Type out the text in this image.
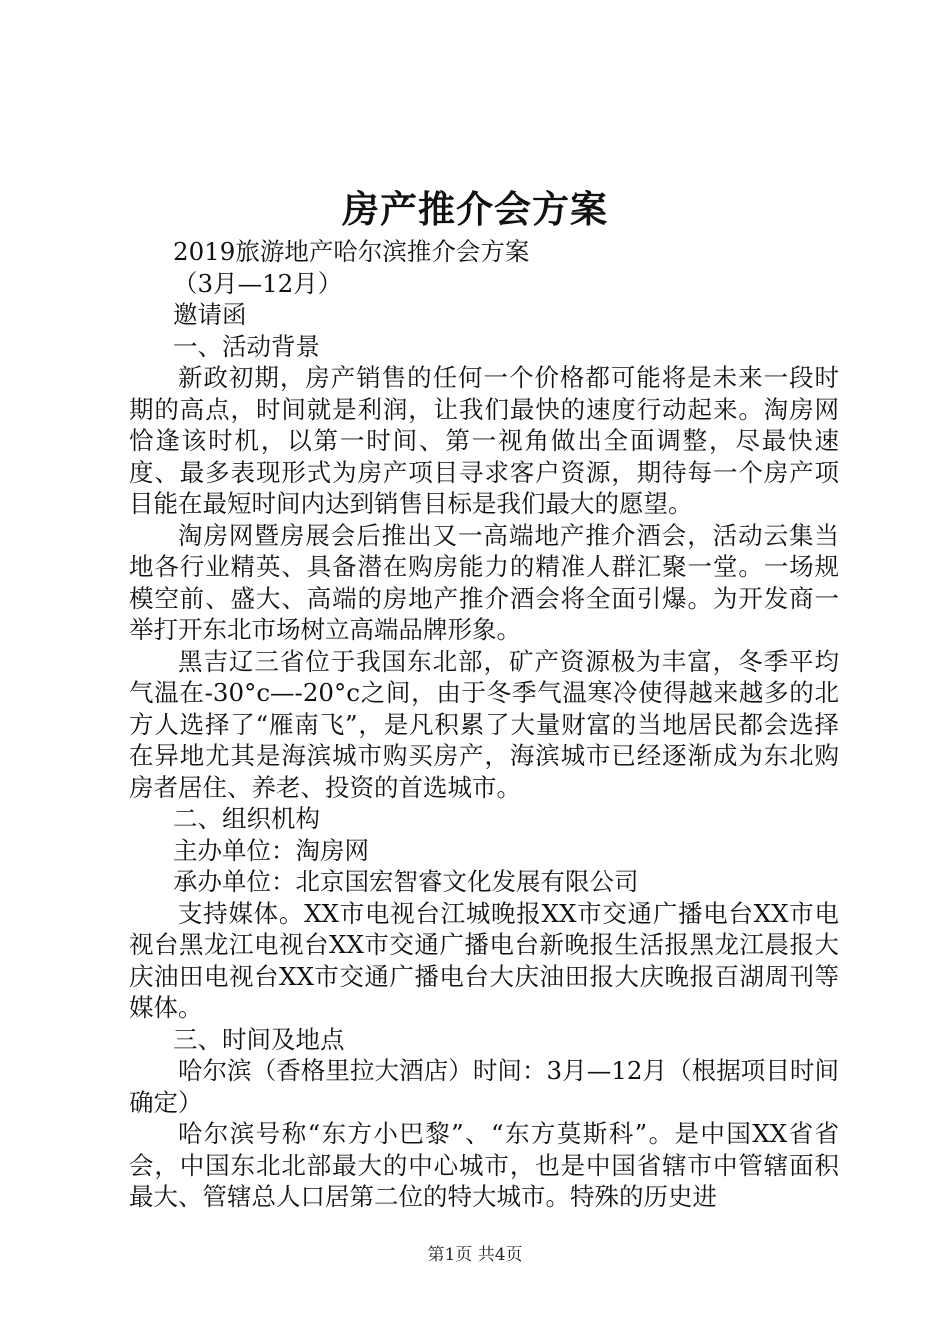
房产推介会方案

2019旅游地产哈尔滨推介会方案

（3月—12月）

邀请函

一、活动背景

新政初期，房产销售的任何一个价格都可能将是未来一段时期的高点，时间就是利润，让我们最快的速度行动起来。淘房网恰逢该时机，以第一时间、第一视角做出全面调整，尽最快速度、最多表现形式为房产项目寻求客户资源，期待每一个房产项目能在最短时间内达到销售目标是我们最大的愿望。

淘房网暨房展会后推出又一高端地产推介酒会，活动云集当地各行业精英、具备潜在购房能力的精准人群汇聚一堂。一场规模空前、盛大、高端的房地产推介酒会将全面引爆。为开发商一举打开东北市场树立高端品牌形象。

黑吉辽三省位于我国东北部，矿产资源极为丰富，冬季平均气温在-30°c—-20°c之间，由于冬季气温寒冷使得越来越多的北方人选择了“雁南飞”，是凡积累了大量财富的当地居民都会选择在异地尤其是海滨城市购买房产，海滨城市已经逐渐成为东北购房者居住、养老、投资的首选城市。

二、组织机构

主办单位：淘房网

承办单位：北京国宏智睿文化发展有限公司

支持媒体。XX市电视台江城晚报XX市交通广播电台XX市电视台黑龙江电视台XX市交通广播电台新晚报生活报黑龙江晨报大庆油田电视台XX市交通广播电台大庆油田报大庆晚报百湖周刊等媒体。

三、时间及地点

哈尔滨（香格里拉大酒店）时间：3月—12月（根据项目时间确定）

哈尔滨号称“东方小巴黎”、“东方莫斯科”。是中国XX省省会，中国东北北部最大的中心城市，也是中国省辖市中管辖面积最大、管辖总人口居第二位的特大城市。特殊的历史进

第1页 共4页
